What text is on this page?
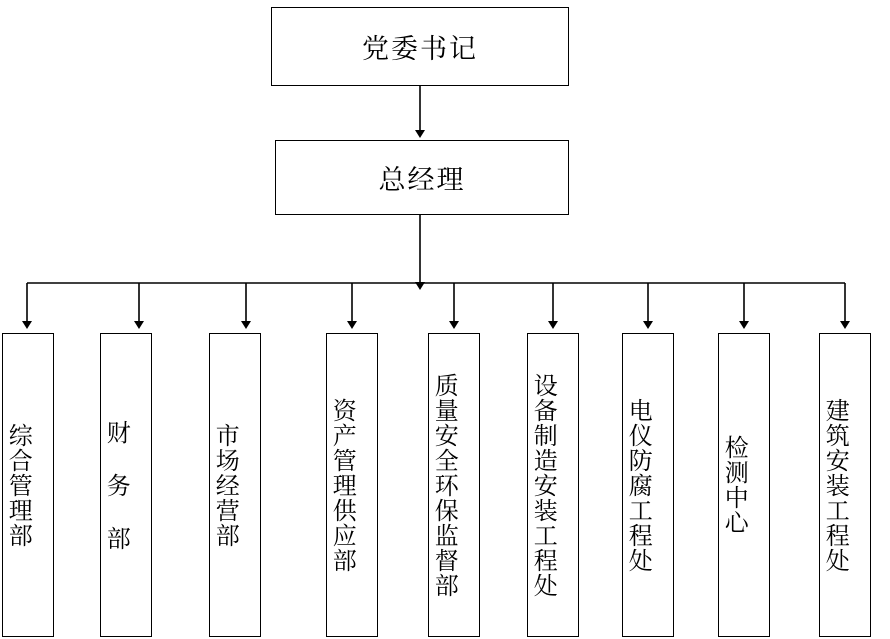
党委书记
总经理
综合管理部	财 务 部	市场经营部	资产管理供应部	质量安全环保监督部	设备制造安装工程处	电仪防腐工程处	检测中心	建筑安装工程处
